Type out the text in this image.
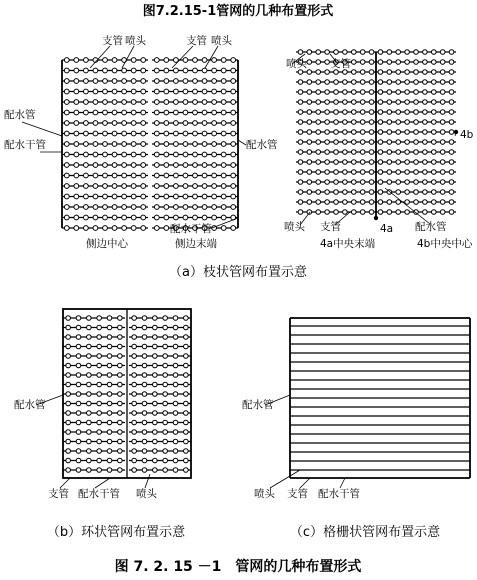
图7.2.15-1管网的几种布置形式
支管 喷头	支管 喷头
配水管
配水干管	配水管
配水干管
侧边中心	侧边末端
喷头 支管
4b
喷头 支管	4a 配水管
4a中央末端	4b中央中心
（a）枝状管网布置示意
配水管
支管 配水干管 喷头
（b）环状管网布置示意
配水管
喷头 支管 配水干管
（c）格栅状管网布置示意
图 7. 2. 15 －1　管网的几种布置形式
